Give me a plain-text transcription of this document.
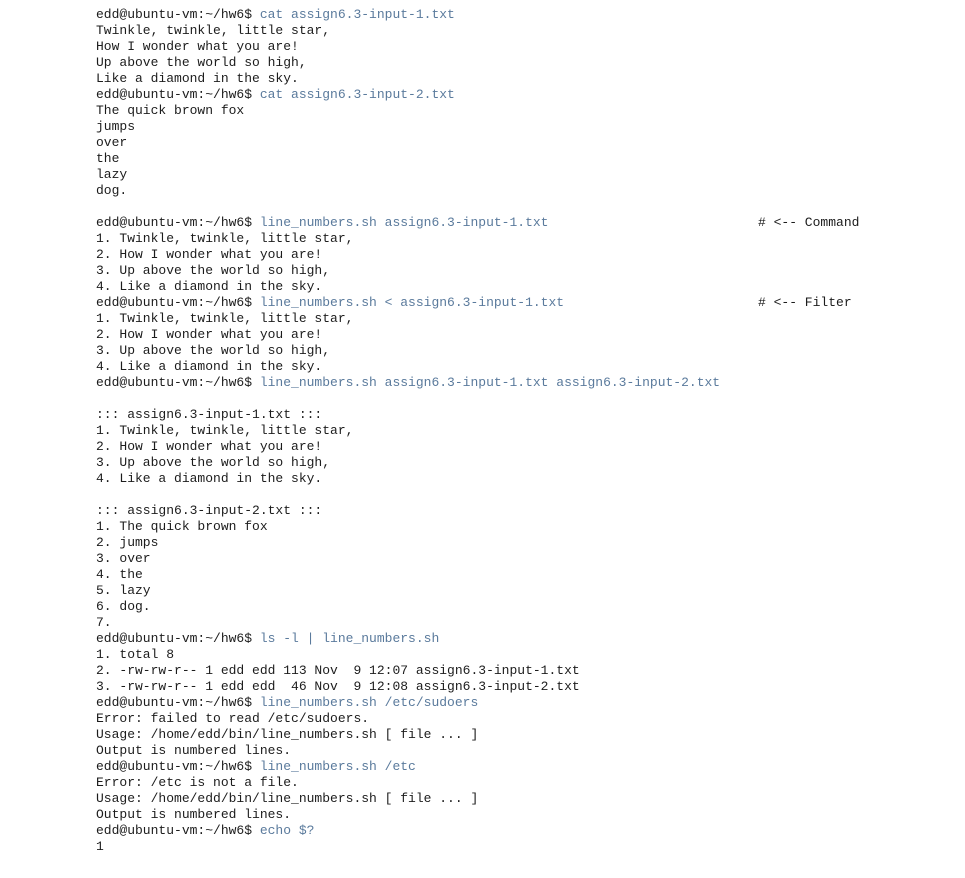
edd@ubuntu-vm:~/hw6$ cat assign6.3-input-1.txt
Twinkle, twinkle, little star,
How I wonder what you are!
Up above the world so high,
Like a diamond in the sky.
edd@ubuntu-vm:~/hw6$ cat assign6.3-input-2.txt
The quick brown fox
jumps
over
the
lazy
dog.
edd@ubuntu-vm:~/hw6$ line_numbers.sh assign6.3-input-1.txt	# <-- Command
1. Twinkle, twinkle, little star,
2. How I wonder what you are!
3. Up above the world so high,
4. Like a diamond in the sky.
edd@ubuntu-vm:~/hw6$ line_numbers.sh < assign6.3-input-1.txt	# <-- Filter
1. Twinkle, twinkle, little star,
2. How I wonder what you are!
3. Up above the world so high,
4. Like a diamond in the sky.
edd@ubuntu-vm:~/hw6$ line_numbers.sh assign6.3-input-1.txt assign6.3-input-2.txt
::: assign6.3-input-1.txt :::
1. Twinkle, twinkle, little star,
2. How I wonder what you are!
3. Up above the world so high,
4. Like a diamond in the sky.
::: assign6.3-input-2.txt :::
1. The quick brown fox
2. jumps
3. over
4. the
5. lazy
6. dog.
7.
edd@ubuntu-vm:~/hw6$ ls -l | line_numbers.sh
1. total 8
2. -rw-rw-r-- 1 edd edd 113 Nov  9 12:07 assign6.3-input-1.txt
3. -rw-rw-r-- 1 edd edd  46 Nov  9 12:08 assign6.3-input-2.txt
edd@ubuntu-vm:~/hw6$ line_numbers.sh /etc/sudoers
Error: failed to read /etc/sudoers.
Usage: /home/edd/bin/line_numbers.sh [ file ... ]
Output is numbered lines.
edd@ubuntu-vm:~/hw6$ line_numbers.sh /etc
Error: /etc is not a file.
Usage: /home/edd/bin/line_numbers.sh [ file ... ]
Output is numbered lines.
edd@ubuntu-vm:~/hw6$ echo $?
1
